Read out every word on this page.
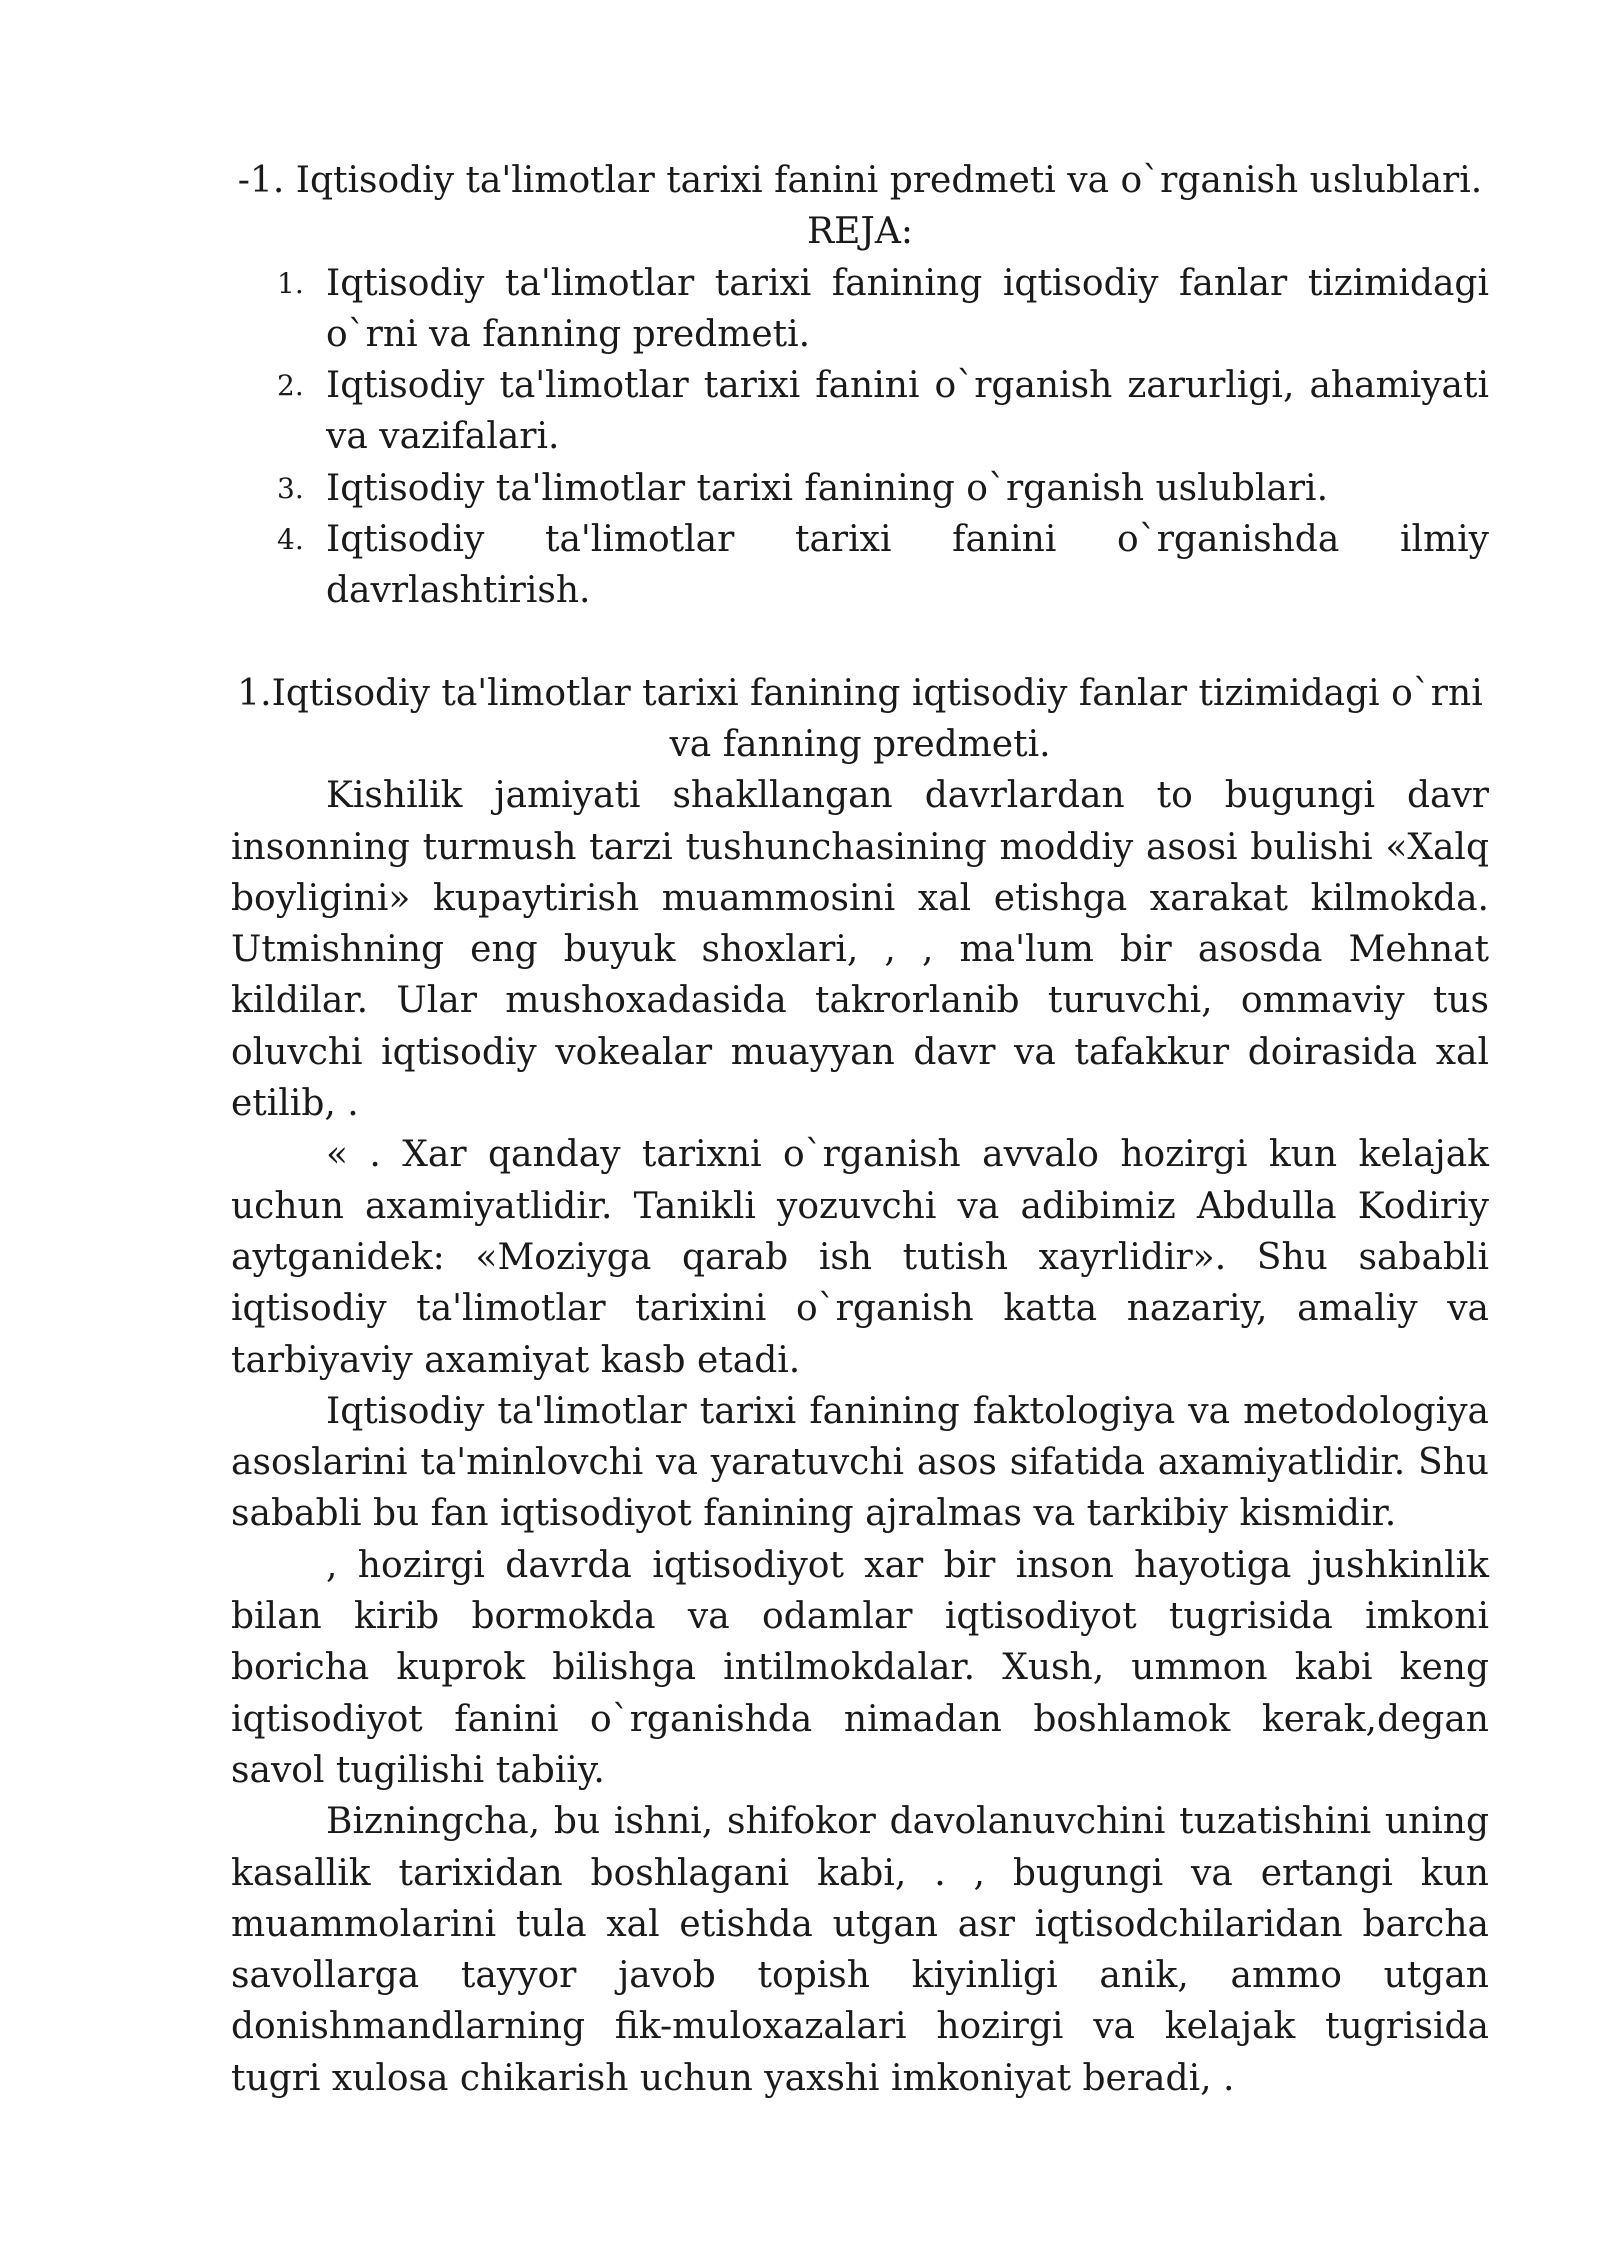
-1. Iqtisodiy ta'limotlar tarixi fanini predmeti va o`rganish uslublari.
REJA:
1. Iqtisodiy ta'limotlar tarixi fanining iqtisodiy fanlar tizimidagi o`rni va fanning predmeti.
2. Iqtisodiy ta'limotlar tarixi fanini o`rganish zarurligi, ahamiyati va vazifalari.
3. Iqtisodiy ta'limotlar tarixi fanining o`rganish uslublari.
4. Iqtisodiy ta'limotlar tarixi fanini o`rganishda ilmiy davrlashtirish.
1.Iqtisodiy ta'limotlar tarixi fanining iqtisodiy fanlar tizimidagi o`rni va fanning predmeti.

Kishilik jamiyati shakllangan davrlardan to bugungi davr insonning turmush tarzi tushunchasining moddiy asosi bulishi «Xalq boyligini» kupaytirish muammosini xal etishga xarakat kilmokda. Utmishning eng buyuk shoxlari, , , ma'lum bir asosda Mehnat kildilar. Ular mushoxadasida takrorlanib turuvchi, ommaviy tus oluvchi iqtisodiy vokealar muayyan davr va tafakkur doirasida xal etilib, .

« . Xar qanday tarixni o`rganish avvalo hozirgi kun kelajak uchun axamiyatlidir. Tanikli yozuvchi va adibimiz Abdulla Kodiriy aytganidek: «Moziyga qarab ish tutish xayrlidir». Shu sababli iqtisodiy ta'limotlar tarixini o`rganish katta nazariy, amaliy va tarbiyaviy axamiyat kasb etadi.

Iqtisodiy ta'limotlar tarixi fanining faktologiya va metodologiya asoslarini ta'minlovchi va yaratuvchi asos sifatida axamiyatlidir. Shu sababli bu fan iqtisodiyot fanining ajralmas va tarkibiy kismidir.

, hozirgi davrda iqtisodiyot xar bir inson hayotiga jushkinlik bilan kirib bormokda va odamlar iqtisodiyot tugrisida imkoni boricha kuprok bilishga intilmokdalar. Xush, ummon kabi keng iqtisodiyot fanini o`rganishda nimadan boshlamok kerak,degan savol tugilishi tabiiy.

Bizningcha, bu ishni, shifokor davolanuvchini tuzatishini uning kasallik tarixidan boshlagani kabi, . , bugungi va ertangi kun muammolarini tula xal etishda utgan asr iqtisodchilaridan barcha savollarga tayyor javob topish kiyinligi anik, ammo utgan donishmandlarning fik-muloxazalari hozirgi va kelajak tugrisida tugri xulosa chikarish uchun yaxshi imkoniyat beradi, .
